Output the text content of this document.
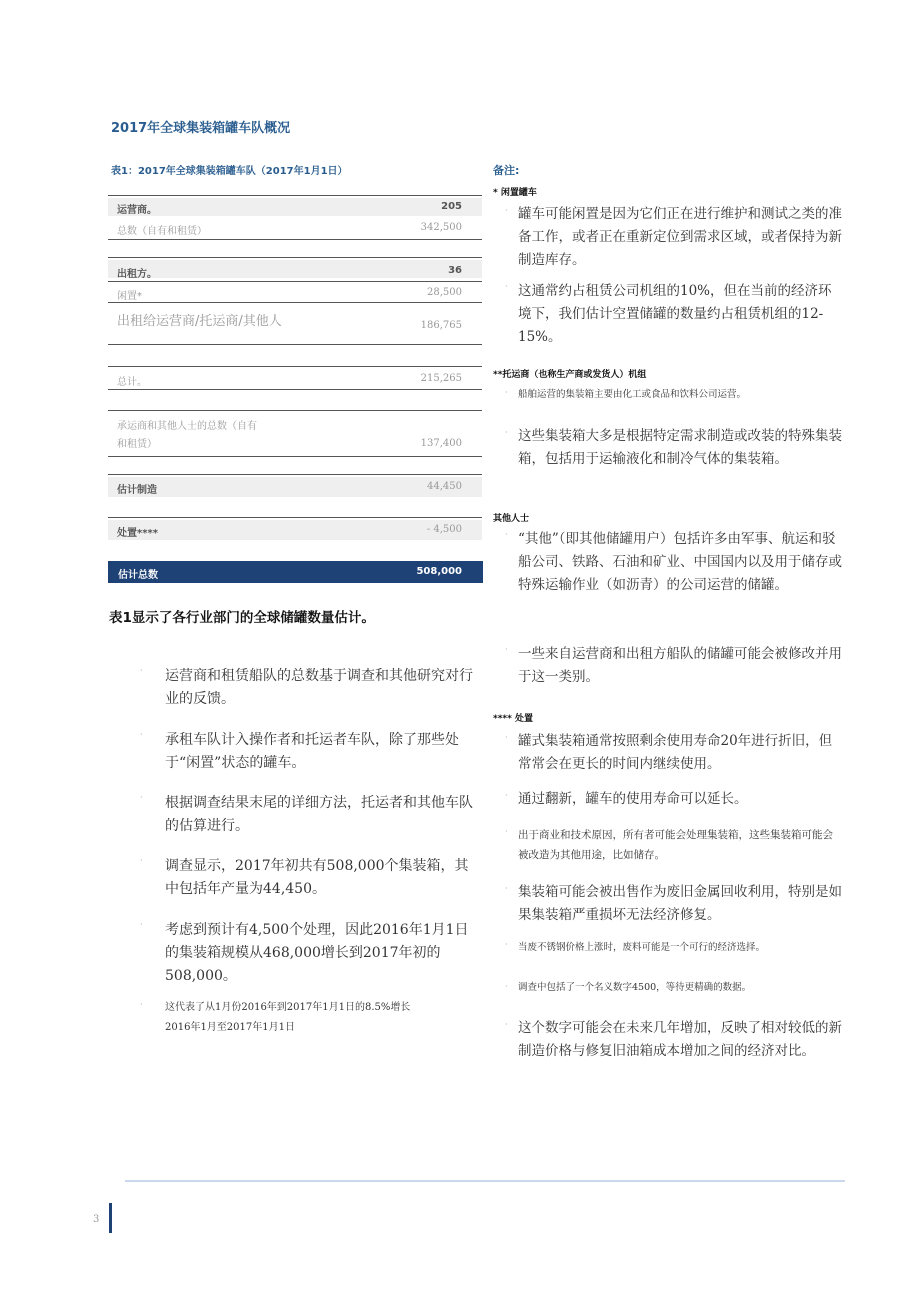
2017年全球集装箱罐车队概况
表1：2017年全球集装箱罐车队（2017年1月1日）
运营商。	205
总数（自有和租赁）	342,500
出租方。	36
闲置*	28,500
出租给运营商/托运商/其他人	186,765
总计。	215,265
承运商和其他人士的总数（自有
和租赁）	137,400
估计制造	44,450
处置****	- 4,500
估计总数	508,000
表1显示了各行业部门的全球储罐数量估计。
· 运营商和租赁船队的总数基于调查和其他研究对行业的反馈。
· 承租车队计入操作者和托运者车队，除了那些处于“闲置”状态的罐车。
· 根据调查结果末尾的详细方法，托运者和其他车队的估算进行。
· 调查显示，2017年初共有508,000个集装箱，其中包括年产量为44,450。
· 考虑到预计有4,500个处理，因此2016年1月1日的集装箱规模从468,000增长到2017年初的508,000。
· 这代表了从1月份2016年到2017年1月1日的8.5%增长
2016年1月至2017年1月1日
备注:
* 闲置罐车
· 罐车可能闲置是因为它们正在进行维护和测试之类的准备工作，或者正在重新定位到需求区域，或者保持为新制造库存。
· 这通常约占租赁公司机组的10%，但在当前的经济环境下，我们估计空置储罐的数量约占租赁机组的12-15%。
**托运商（也称生产商或发货人）机组
· 船舶运营的集装箱主要由化工或食品和饮料公司运营。
· 这些集装箱大多是根据特定需求制造或改装的特殊集装箱，包括用于运输液化和制冷气体的集装箱。
其他人士
· “其他”（即其他储罐用户）包括许多由军事、航运和驳船公司、铁路、石油和矿业、中国国内以及用于储存或特殊运输作业（如沥青）的公司运营的储罐。
· 一些来自运营商和出租方船队的储罐可能会被修改并用于这一类别。
**** 处置
· 罐式集装箱通常按照剩余使用寿命20年进行折旧，但常常会在更长的时间内继续使用。
· 通过翻新，罐车的使用寿命可以延长。
· 出于商业和技术原因，所有者可能会处理集装箱，这些集装箱可能会被改造为其他用途，比如储存。
· 集装箱可能会被出售作为废旧金属回收利用，特别是如果集装箱严重损坏无法经济修复。
· 当废不锈钢价格上涨时，废料可能是一个可行的经济选择。
· 调查中包括了一个名义数字4500，等待更精确的数据。
· 这个数字可能会在未来几年增加，反映了相对较低的新制造价格与修复旧油箱成本增加之间的经济对比。
3
